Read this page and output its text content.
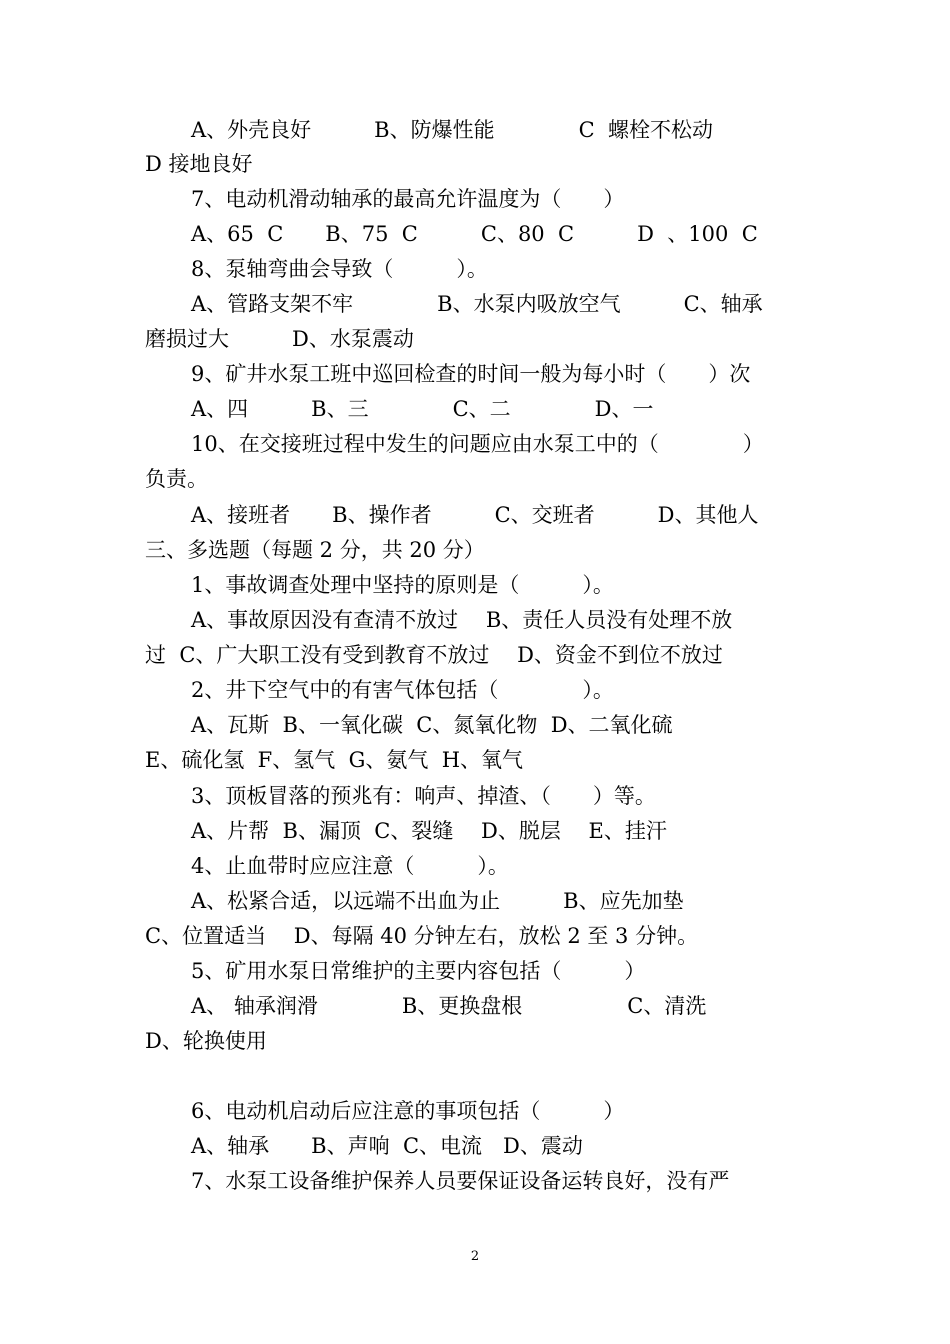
A、外壳良好　　　B、防爆性能　　　　C  螺栓不松动
D 接地良好
7、电动机滑动轴承的最高允许温度为（　　）
A、65  C　　B、75  C　　　C、80  C　　　D  、100  C
8、泵轴弯曲会导致（　　　）。
A、管路支架不牢　　　　B、水泵内吸放空气　　　C、轴承
磨损过大　　　D、水泵震动
9、矿井水泵工班中巡回检查的时间一般为每小时（　　）次
A、四　　　B、三　　　　C、二　　　　D、一
10、在交接班过程中发生的问题应由水泵工中的（　　　　）
负责。
A、接班者　　B、操作者　　　C、交班者　　　D、其他人
三、多选题（每题 2 分，共 20 分）
1、事故调查处理中坚持的原则是（　　　）。
A、事故原因没有查清不放过　 B、责任人员没有处理不放
过  C、广大职工没有受到教育不放过　 D、资金不到位不放过
2、井下空气中的有害气体包括（　　　　）。
A、瓦斯  B、一氧化碳  C、氮氧化物  D、二氧化硫
E、硫化氢  F、氢气  G、氨气  H、氧气
3、顶板冒落的预兆有：响声、掉渣、（　　）等。
A、片帮  B、漏顶  C、裂缝　 D、脱层　 E、挂汗
4、止血带时应应注意（　　　）。
A、松紧合适，以远端不出血为止　　　B、应先加垫
C、位置适当　 D、每隔 40 分钟左右，放松 2 至 3 分钟。
5、矿用水泵日常维护的主要内容包括（　　　）
A、 轴承润滑　　　　B、更换盘根　　　　　C、清洗
D、轮换使用
6、电动机启动后应注意的事项包括（　　　）
A、轴承　　B、声响  C、电流　D、震动
7、水泵工设备维护保养人员要保证设备运转良好，没有严
2
